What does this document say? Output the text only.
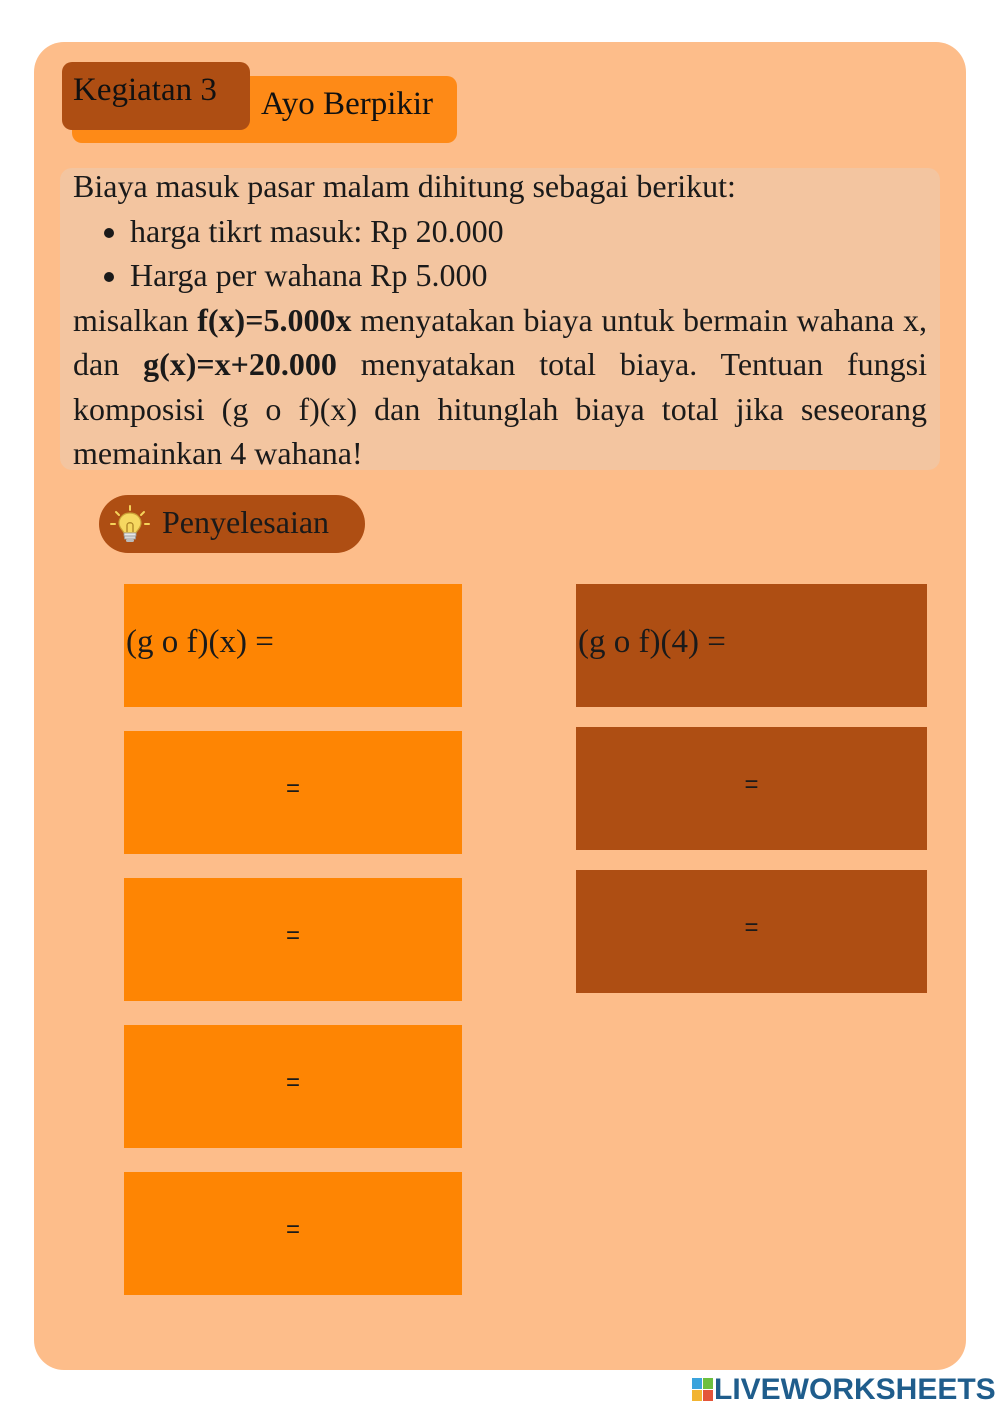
Kegiatan 3 Ayo Berpikir
Biaya masuk pasar malam dihitung sebagai berikut:
• harga tikrt masuk: Rp 20.000
• Harga per wahana Rp 5.000
misalkan f(x)=5.000x menyatakan biaya untuk bermain wahana x, dan g(x)=x+20.000 menyatakan total biaya. Tentuan fungsi komposisi (g o f)(x) dan hitunglah biaya total jika seseorang memainkan 4 wahana!
Penyelesaian
(g o f)(x) =
=
=
=
=
(g o f)(4) =
=
=
LIVEWORKSHEETS
